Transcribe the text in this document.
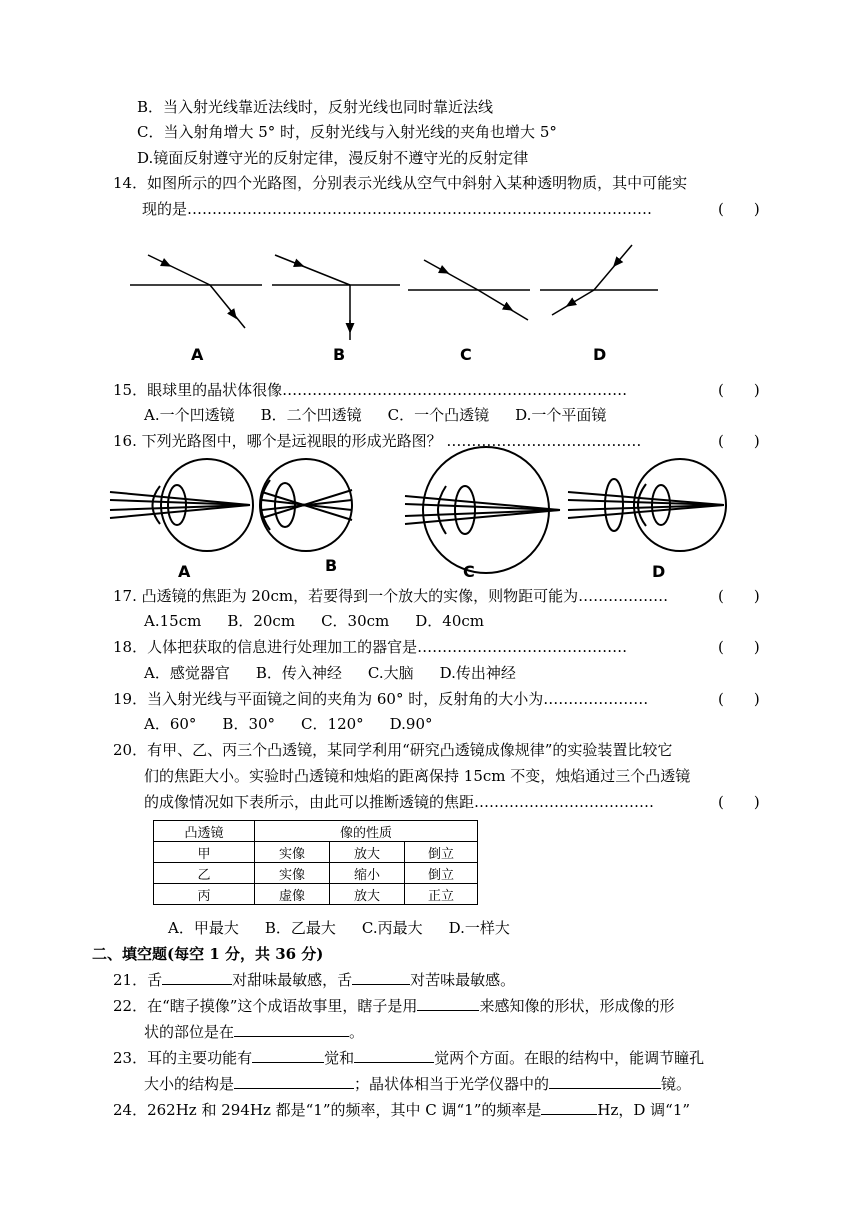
B．当入射光线靠近法线时，反射光线也同时靠近法线
C．当入射角增大 5° 时，反射光线与入射光线的夹角也增大 5°
D.镜面反射遵守光的反射定律，漫反射不遵守光的反射定律
14．如图所示的四个光路图，分别表示光线从空气中斜射入某种透明物质，其中可能实
现的是…………………………………………………………………………………	(　　)
A	B	C	D
A	B	C	D
15．眼球里的晶状体很像……………………………………………………………	(　　)
A.一个凹透镜 B．二个凹透镜 C．一个凸透镜 D.一个平面镜
16. 下列光路图中，哪个是远视眼的形成光路图？ …………………………………	(　　)
17. 凸透镜的焦距为 20cm，若要得到一个放大的实像，则物距可能为………………	(　　)
A.15cm B．20cm C．30cm D．40cm
18．人体把获取的信息进行处理加工的器官是……………………………………	(　　)
A．感觉器官 B．传入神经 C.大脑 D.传出神经
19．当入射光线与平面镜之间的夹角为 60° 时，反射角的大小为…………………	(　　)
A．60° B．30° C．120° D.90°
20．有甲、乙、丙三个凸透镜，某同学利用“研究凸透镜成像规律”的实验装置比较它
们的焦距大小。实验时凸透镜和烛焰的距离保持 15cm 不变，烛焰通过三个凸透镜
的成像情况如下表所示，由此可以推断透镜的焦距………………………………	(　　)
凸透镜	像的性质		
甲	实像	放大	倒立
乙	实像	缩小	倒立
丙	虚像	放大	正立
A．甲最大 B．乙最大 C.丙最大 D.一样大
二、填空题(每空 1 分，共 36 分)
21．舌	对甜味最敏感，舌	对苦味最敏感。
22．在“瞎子摸像”这个成语故事里，瞎子是用	来感知像的形状，形成像的形
状的部位是在	。
23．耳的主要功能有	觉和	觉两个方面。在眼的结构中，能调节瞳孔
大小的结构是	；晶状体相当于光学仪器中的	镜。
24．262Hz 和 294Hz 都是“1”的频率，其中 C 调“1”的频率是	Hz，D 调“1”
